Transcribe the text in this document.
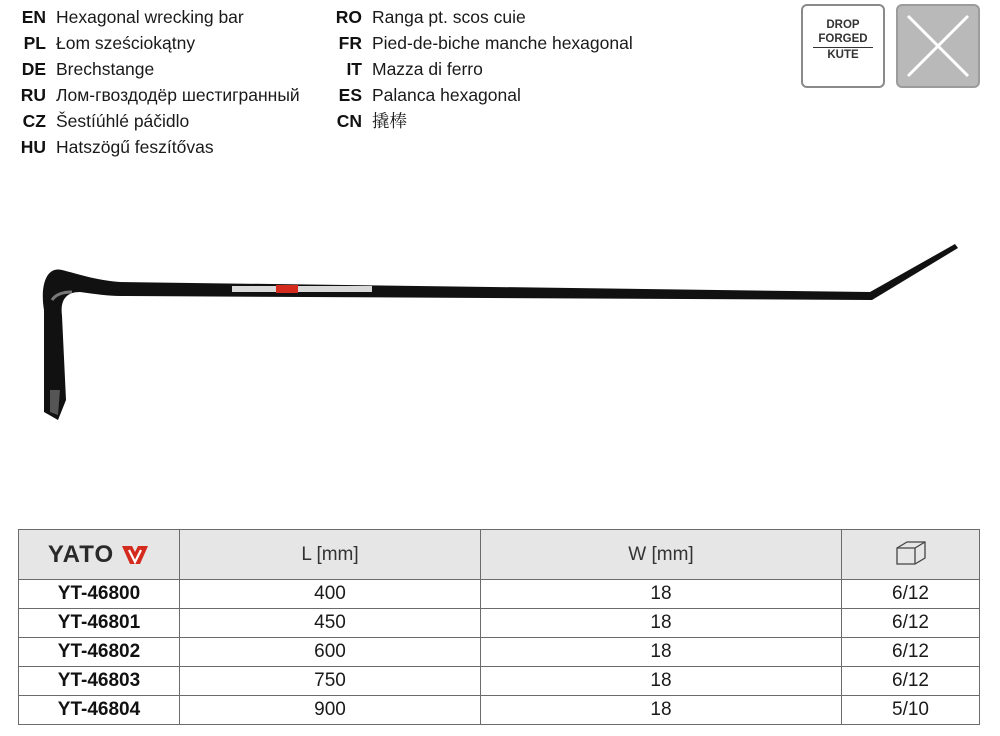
EN Hexagonal wrecking bar
PL Łom sześciokątny
DE Brechstange
RU Лом-гвоздодёр шестигранный
CZ Šestíúhlé páčidlo
HU Hatszögű feszítővas
RO Ranga pt. scos cuie
FR Pied-de-biche manche hexagonal
IT Mazza di ferro
ES Palanca hexagonal
CN 撬棒
DROP
FORGED
KUTE
YATO	L [mm]	W [mm]	
YT-46800	400	18	6/12
YT-46801	450	18	6/12
YT-46802	600	18	6/12
YT-46803	750	18	6/12
YT-46804	900	18	5/10
